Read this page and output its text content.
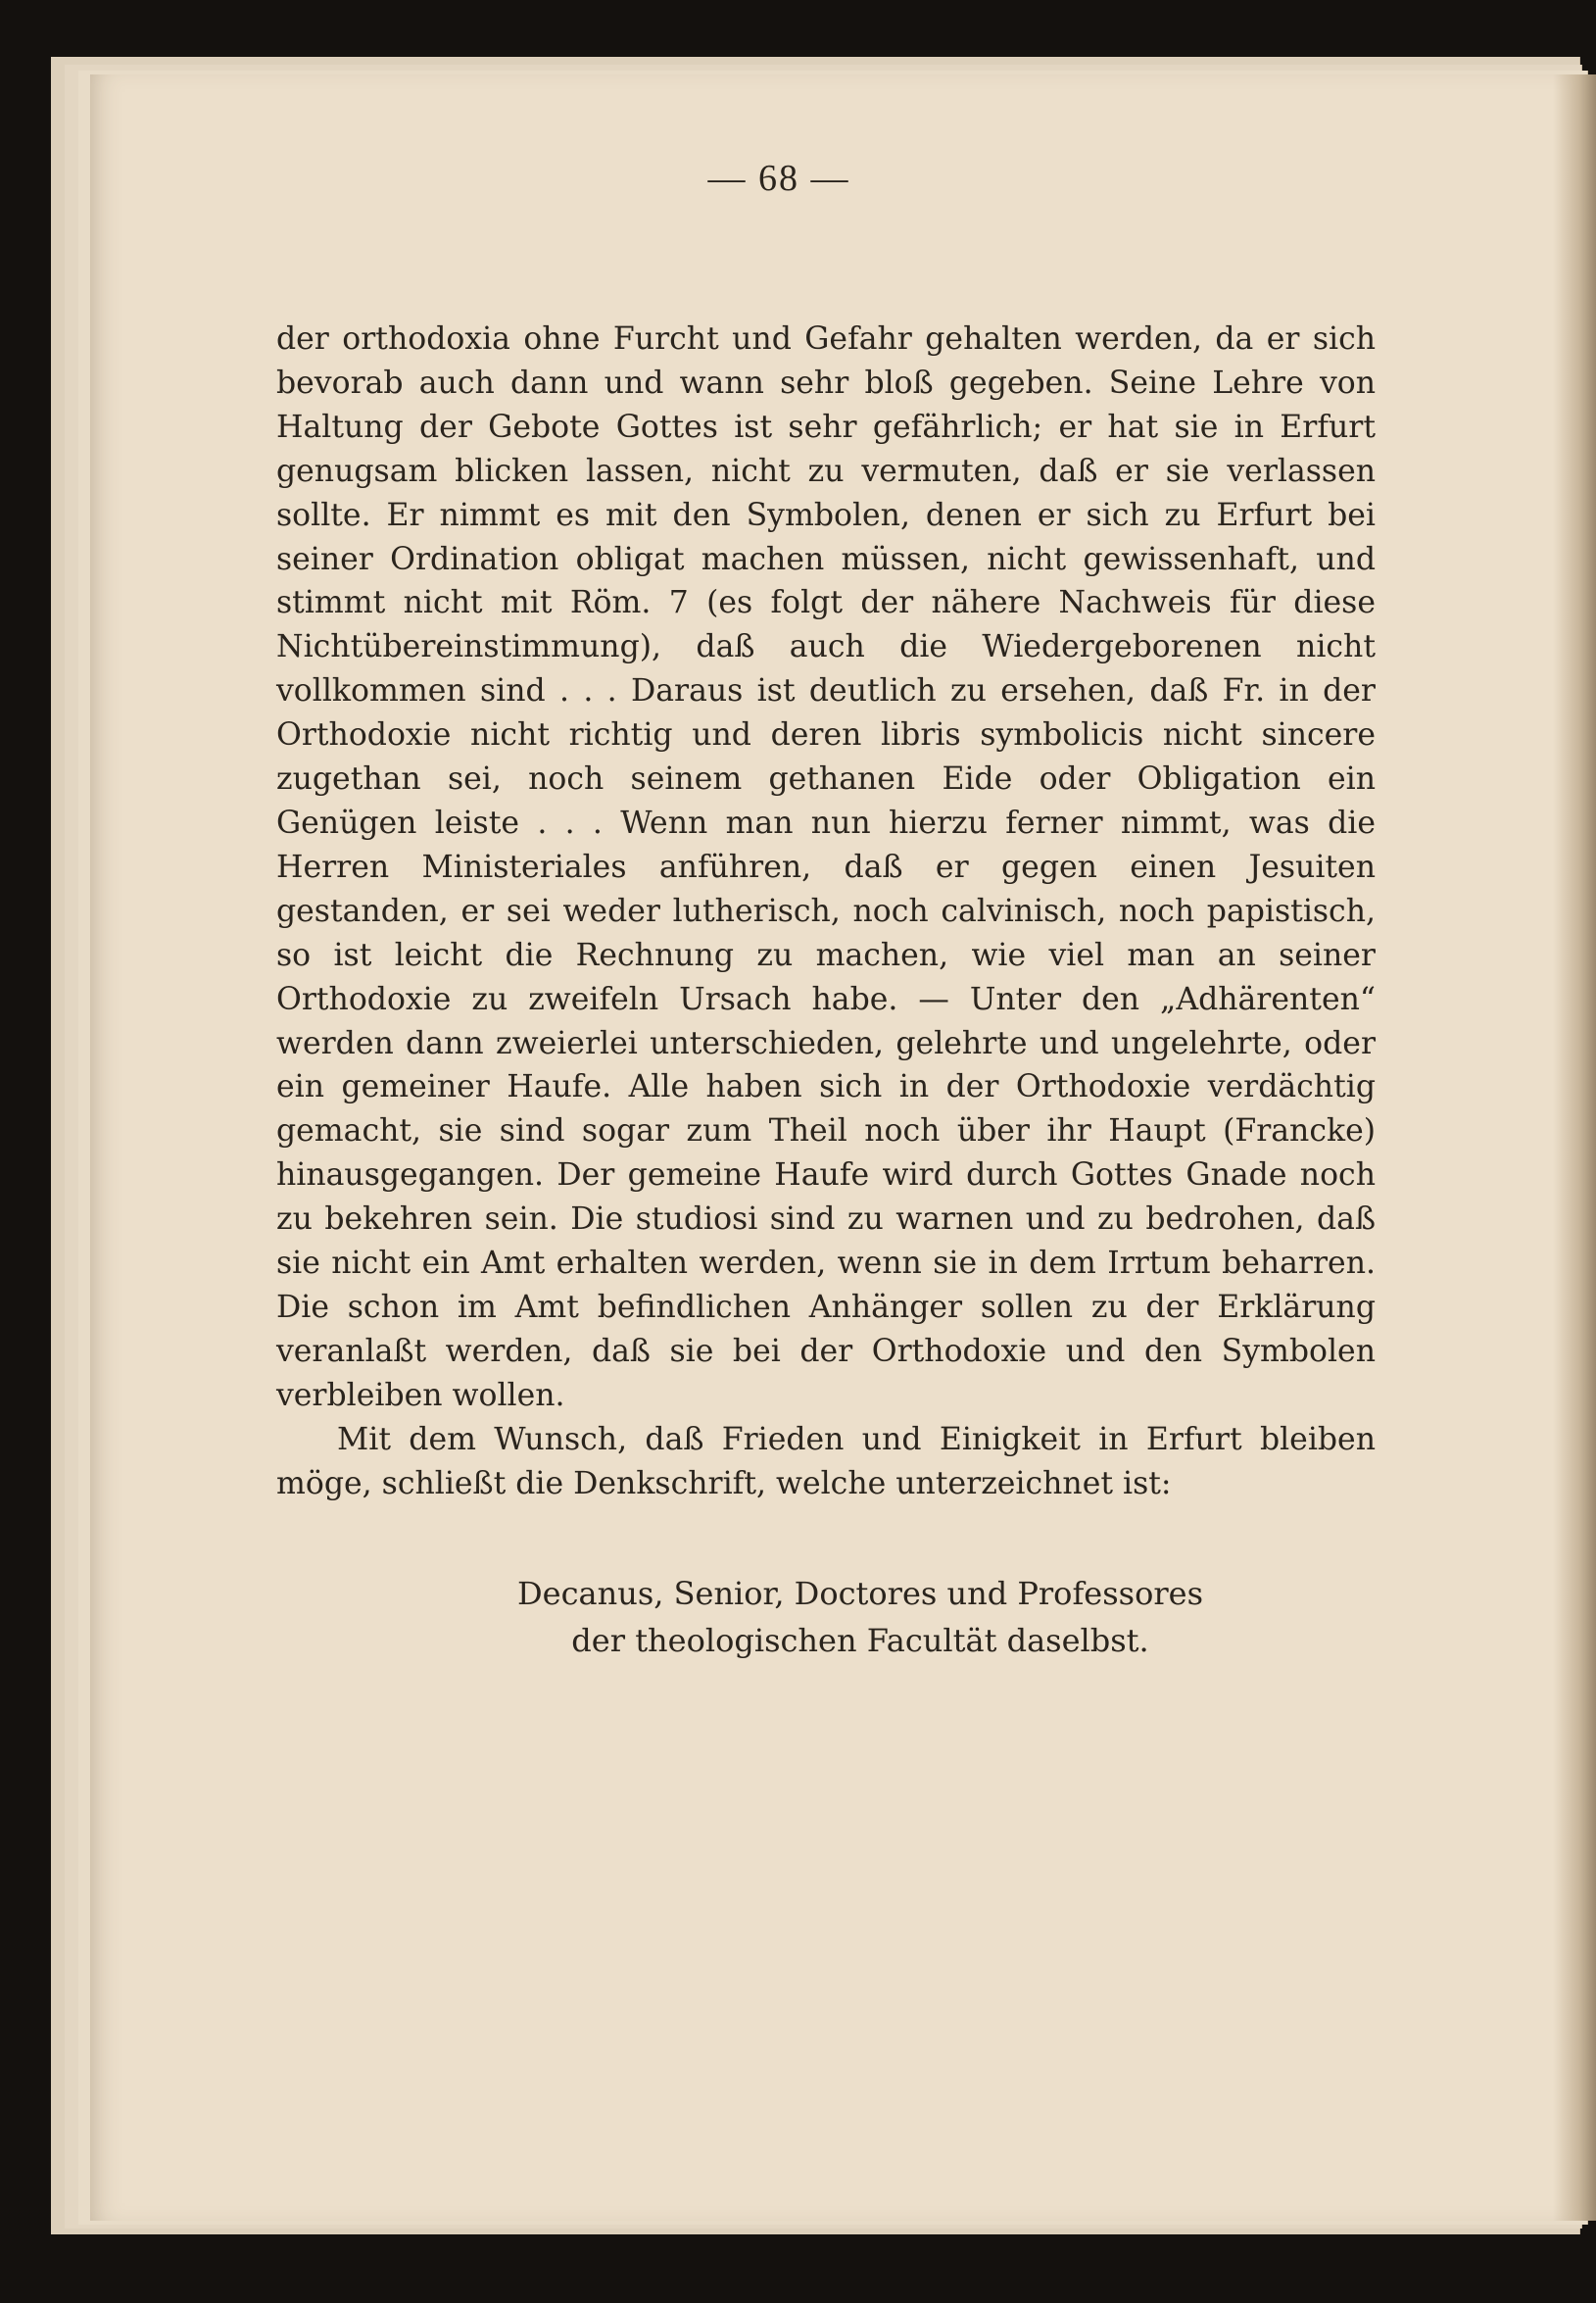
— 68 —

der orthodoxia ohne Furcht und Gefahr gehalten werden, da er sich bevorab auch dann und wann sehr bloß gegeben. Seine Lehre von Haltung der Gebote Gottes ist sehr gefährlich; er hat sie in Erfurt genugsam blicken lassen, nicht zu vermuten, daß er sie verlassen sollte. Er nimmt es mit den Symbolen, denen er sich zu Erfurt bei seiner Ordination obligat machen müssen, nicht gewissenhaft, und stimmt nicht mit Röm. 7 (es folgt der nähere Nachweis für diese Nichtübereinstimmung), daß auch die Wiedergeborenen nicht vollkommen sind . . . Daraus ist deutlich zu ersehen, daß Fr. in der Orthodoxie nicht richtig und deren libris symbolicis nicht sincere zugethan sei, noch seinem gethanen Eide oder Obligation ein Genügen leiste . . . Wenn man nun hierzu ferner nimmt, was die Herren Ministeriales anführen, daß er gegen einen Jesuiten gestanden, er sei weder lutherisch, noch calvinisch, noch papistisch, so ist leicht die Rechnung zu machen, wie viel man an seiner Orthodoxie zu zweifeln Ursach habe. — Unter den „Adhärenten“ werden dann zweierlei unterschieden, gelehrte und ungelehrte, oder ein gemeiner Haufe. Alle haben sich in der Orthodoxie verdächtig gemacht, sie sind sogar zum Theil noch über ihr Haupt (Francke) hinausgegangen. Der gemeine Haufe wird durch Gottes Gnade noch zu bekehren sein. Die studiosi sind zu warnen und zu bedrohen, daß sie nicht ein Amt erhalten werden, wenn sie in dem Irrtum beharren. Die schon im Amt befindlichen Anhänger sollen zu der Erklärung veranlaßt werden, daß sie bei der Orthodoxie und den Symbolen verbleiben wollen.

Mit dem Wunsch, daß Frieden und Einigkeit in Erfurt bleiben möge, schließt die Denkschrift, welche unterzeichnet ist:

Decanus, Senior, Doctores und Professores
der theologischen Facultät daselbst.
